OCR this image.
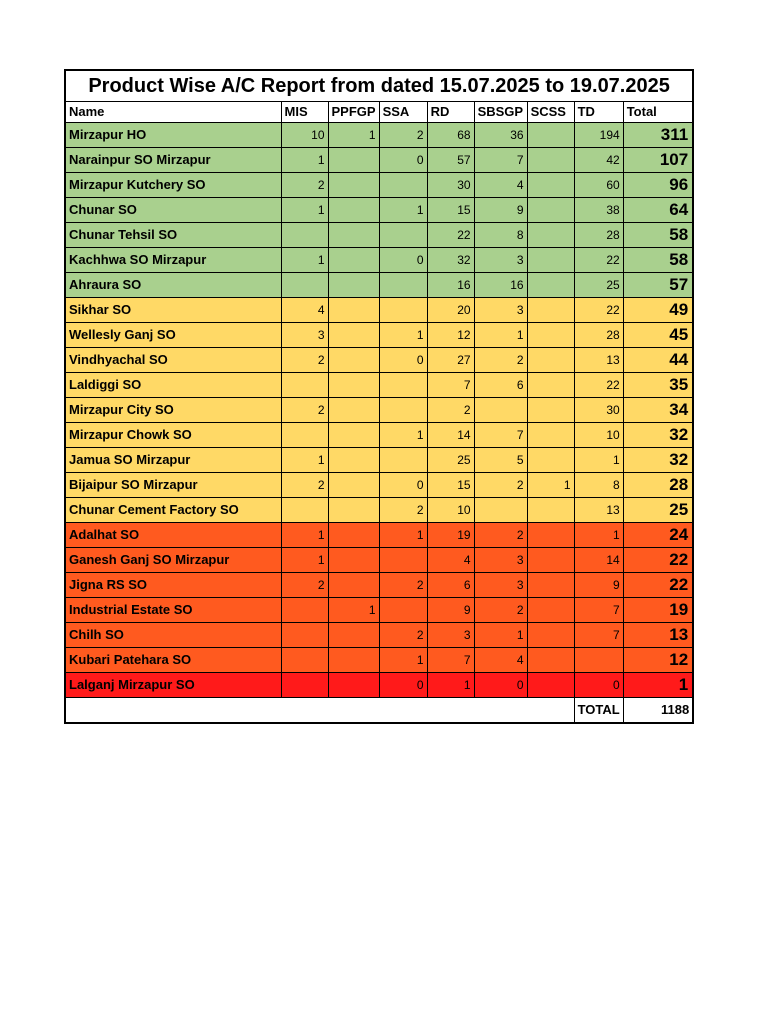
Product Wise A/C Report from dated 15.07.2025 to 19.07.2025								
Name	MIS	PPFGP	SSA	RD	SBSGP	SCSS	TD	Total
Mirzapur HO	10	1	2	68	36		194	311
Narainpur SO Mirzapur	1		0	57	7		42	107
Mirzapur Kutchery SO	2			30	4		60	96
Chunar SO	1		1	15	9		38	64
Chunar Tehsil SO				22	8		28	58
Kachhwa SO Mirzapur	1		0	32	3		22	58
Ahraura SO				16	16		25	57
Sikhar SO	4			20	3		22	49
Wellesly Ganj SO	3		1	12	1		28	45
Vindhyachal SO	2		0	27	2		13	44
Laldiggi SO				7	6		22	35
Mirzapur City SO	2			2			30	34
Mirzapur Chowk SO			1	14	7		10	32
Jamua SO Mirzapur	1			25	5		1	32
Bijaipur SO Mirzapur	2		0	15	2	1	8	28
Chunar Cement Factory SO			2	10			13	25
Adalhat SO	1		1	19	2		1	24
Ganesh Ganj SO Mirzapur	1			4	3		14	22
Jigna RS SO	2		2	6	3		9	22
Industrial Estate SO		1		9	2		7	19
Chilh SO			2	3	1		7	13
Kubari Patehara SO			1	7	4			12
Lalganj Mirzapur SO			0	1	0		0	1
							TOTAL	1188
